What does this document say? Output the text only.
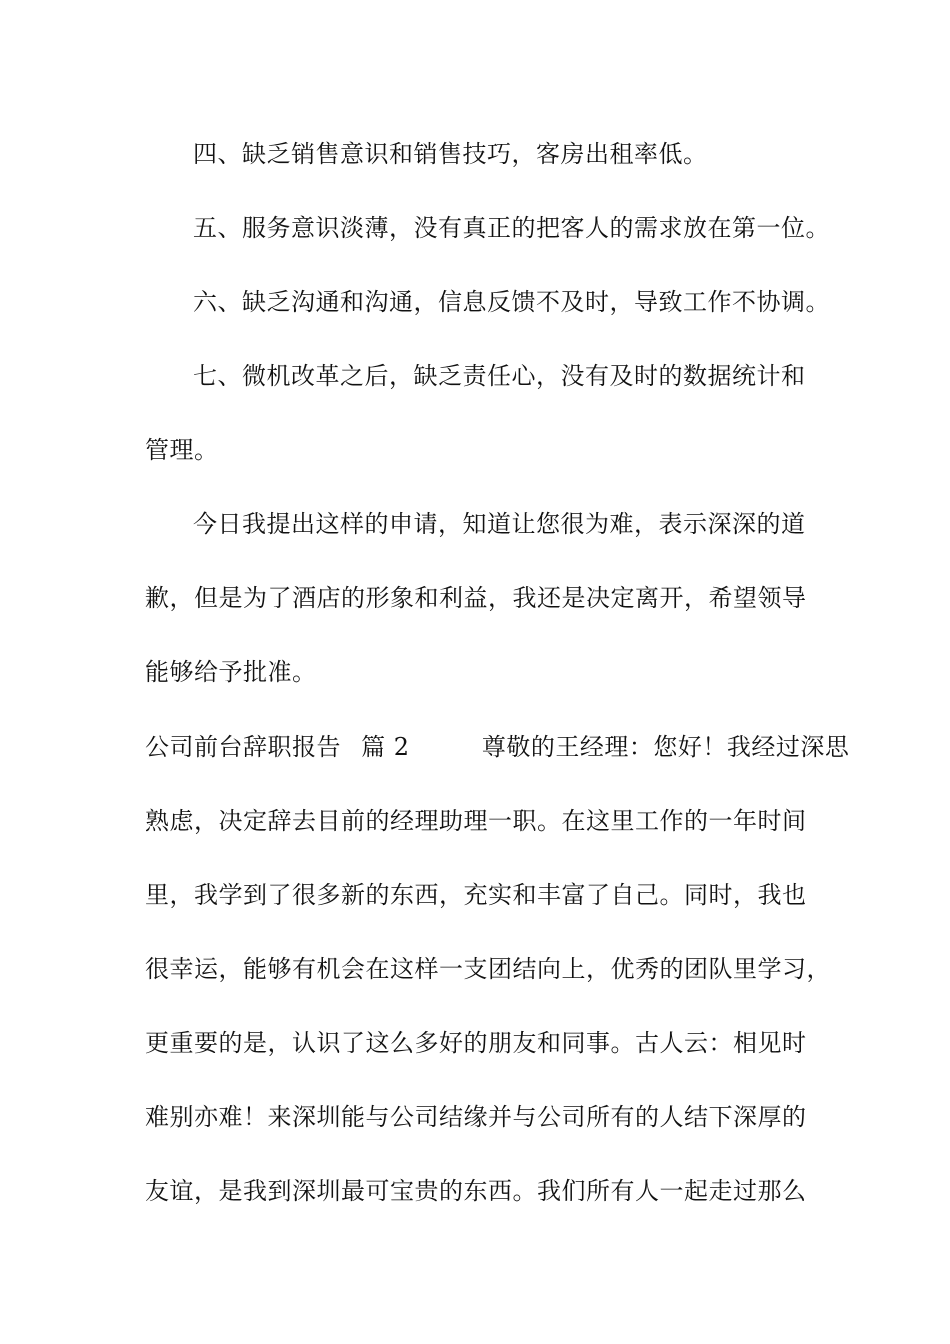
四、缺乏销售意识和销售技巧，客房出租率低。
五、服务意识淡薄，没有真正的把客人的需求放在第一位。
六、缺乏沟通和沟通，信息反馈不及时，导致工作不协调。
七、微机改革之后，缺乏责任心，没有及时的数据统计和
管理。
今日我提出这样的申请，知道让您很为难，表示深深的道
歉，但是为了酒店的形象和利益，我还是决定离开，希望领导
能够给予批准。
公司前台辞职报告 篇 2	尊敬的王经理：您好！我经过深思
熟虑，决定辞去目前的经理助理一职。在这里工作的一年时间
里，我学到了很多新的东西，充实和丰富了自己。同时，我也
很幸运，能够有机会在这样一支团结向上，优秀的团队里学习，
更重要的是，认识了这么多好的朋友和同事。古人云：相见时
难别亦难！来深圳能与公司结缘并与公司所有的人结下深厚的
友谊，是我到深圳最可宝贵的东西。我们所有人一起走过那么
